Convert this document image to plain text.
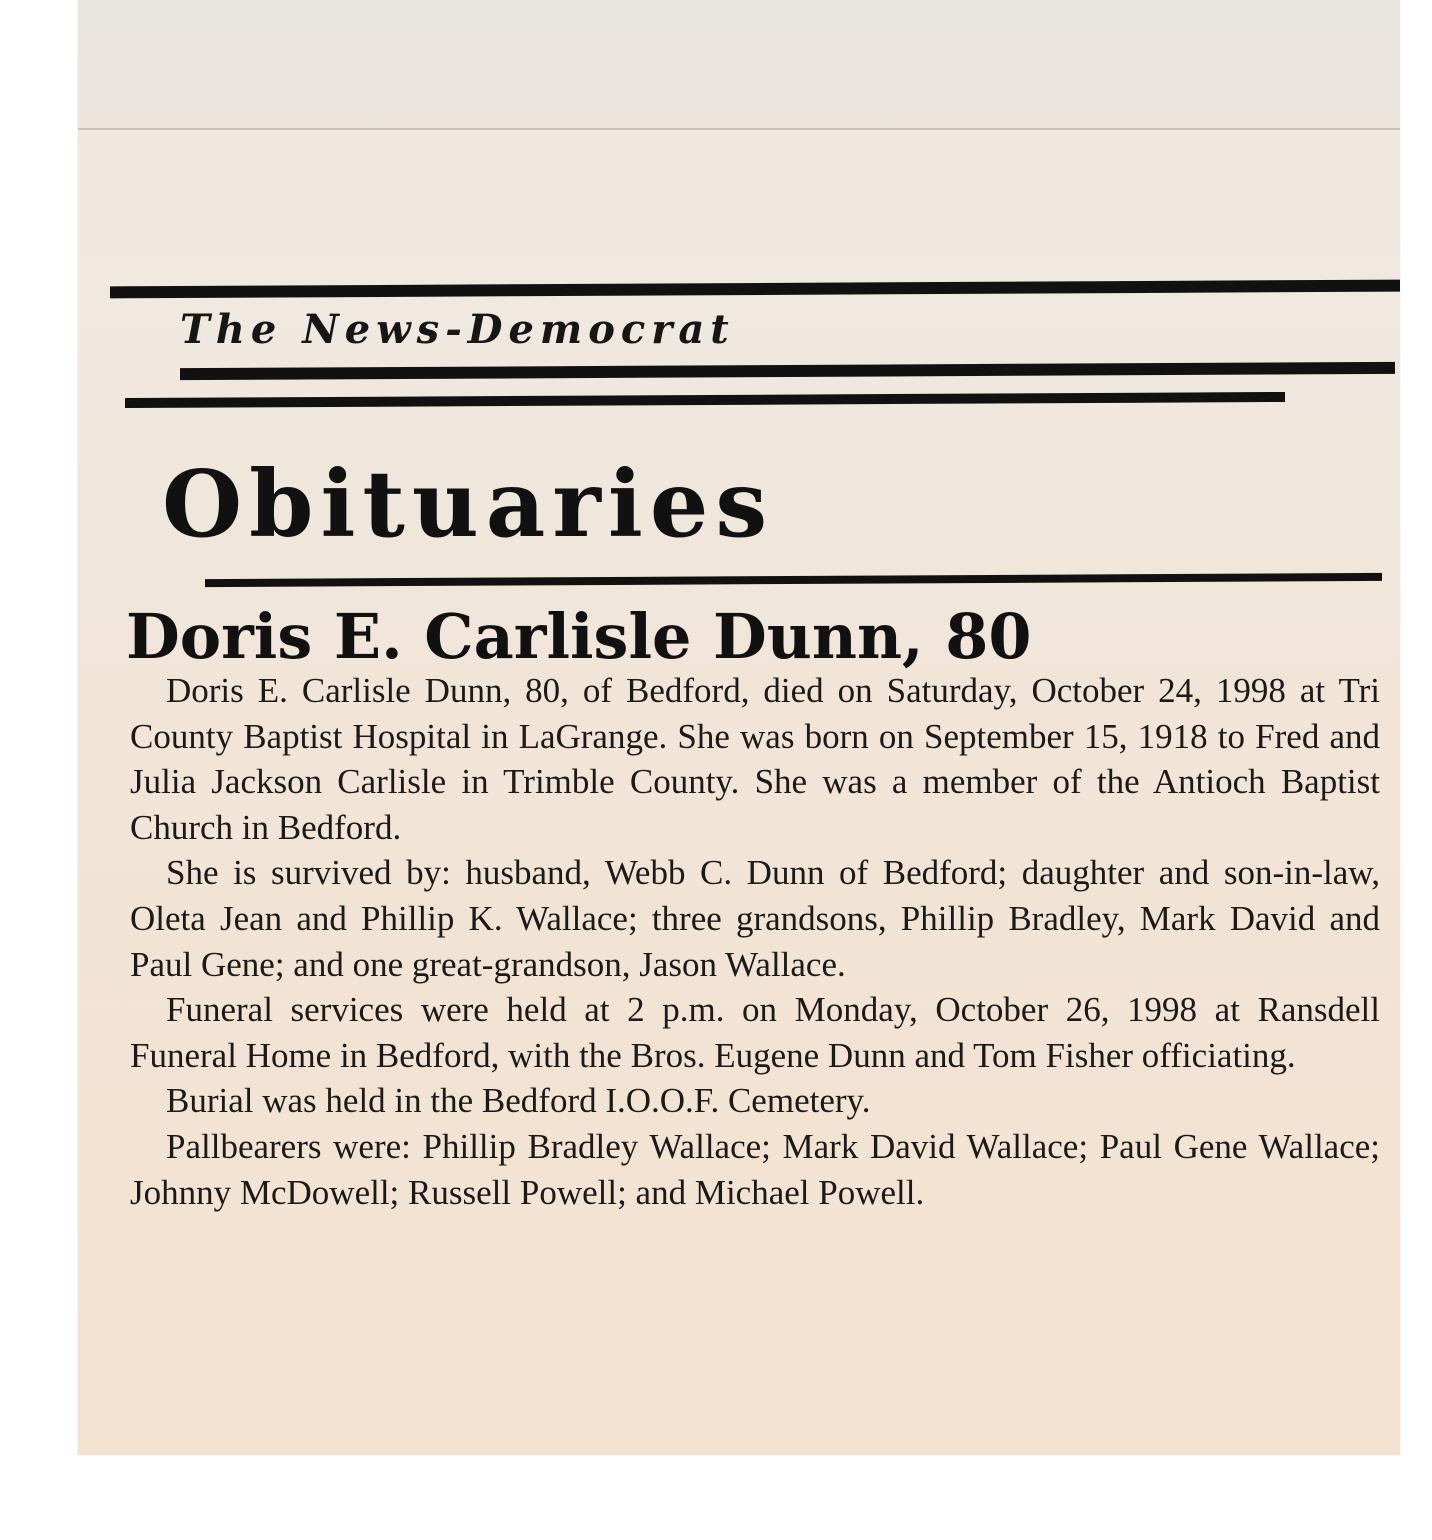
The News-Democrat
Obituaries
Doris E. Carlisle Dunn, 80

Doris E. Carlisle Dunn, 80, of Bedford, died on Saturday, October 24, 1998 at Tri County Baptist Hospital in LaGrange. She was born on September 15, 1918 to Fred and Julia Jackson Carlisle in Trimble County. She was a member of the Antioch Baptist Church in Bedford.

She is survived by: husband, Webb C. Dunn of Bedford; daughter and son-in-law, Oleta Jean and Phillip K. Wallace; three grandsons, Phillip Bradley, Mark David and Paul Gene; and one great-grandson, Jason Wallace.

Funeral services were held at 2 p.m. on Monday, October 26, 1998 at Ransdell Funeral Home in Bedford, with the Bros. Eugene Dunn and Tom Fisher officiating.

Burial was held in the Bedford I.O.O.F. Cemetery.

Pallbearers were: Phillip Bradley Wallace; Mark David Wallace; Paul Gene Wallace; Johnny McDowell; Russell Powell; and Michael Powell.
